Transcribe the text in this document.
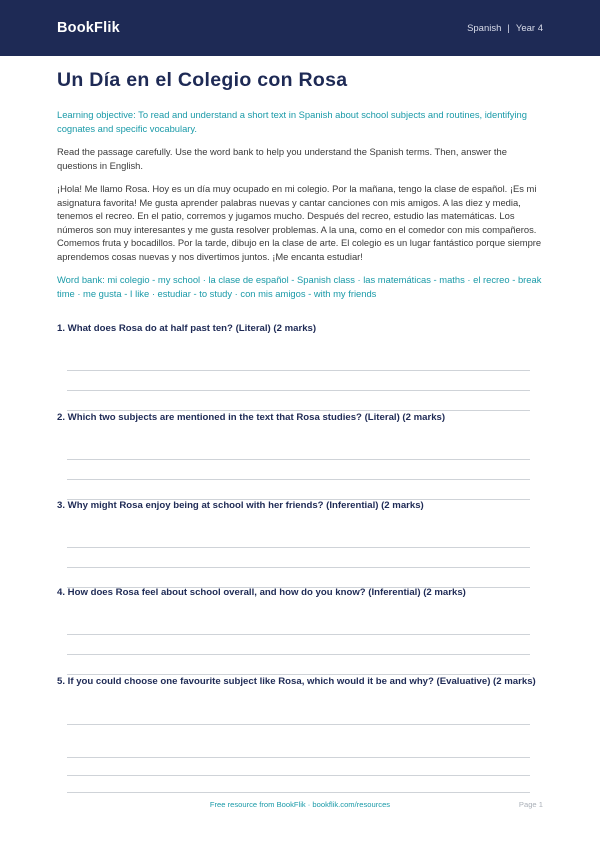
BookFlik	Spanish | Year 4
Un Día en el Colegio con Rosa
Learning objective: To read and understand a short text in Spanish about school subjects and routines, identifying cognates and specific vocabulary.
Read the passage carefully. Use the word bank to help you understand the Spanish terms. Then, answer the questions in English.
¡Hola! Me llamo Rosa. Hoy es un día muy ocupado en mi colegio. Por la mañana, tengo la clase de español. ¡Es mi asignatura favorita! Me gusta aprender palabras nuevas y cantar canciones con mis amigos. A las diez y media, tenemos el recreo. En el patio, corremos y jugamos mucho. Después del recreo, estudio las matemáticas. Los números son muy interesantes y me gusta resolver problemas. A la una, como en el comedor con mis compañeros. Comemos fruta y bocadillos. Por la tarde, dibujo en la clase de arte. El colegio es un lugar fantástico porque siempre aprendemos cosas nuevas y nos divertimos juntos. ¡Me encanta estudiar!
Word bank: mi colegio - my school · la clase de español - Spanish class · las matemáticas - maths · el recreo - break time · me gusta - I like · estudiar - to study · con mis amigos - with my friends
1. What does Rosa do at half past ten? (Literal) (2 marks)
2. Which two subjects are mentioned in the text that Rosa studies? (Literal) (2 marks)
3. Why might Rosa enjoy being at school with her friends? (Inferential) (2 marks)
4. How does Rosa feel about school overall, and how do you know? (Inferential) (2 marks)
5. If you could choose one favourite subject like Rosa, which would it be and why? (Evaluative) (2 marks)
Free resource from BookFlik · bookflik.com/resources	Page 1
